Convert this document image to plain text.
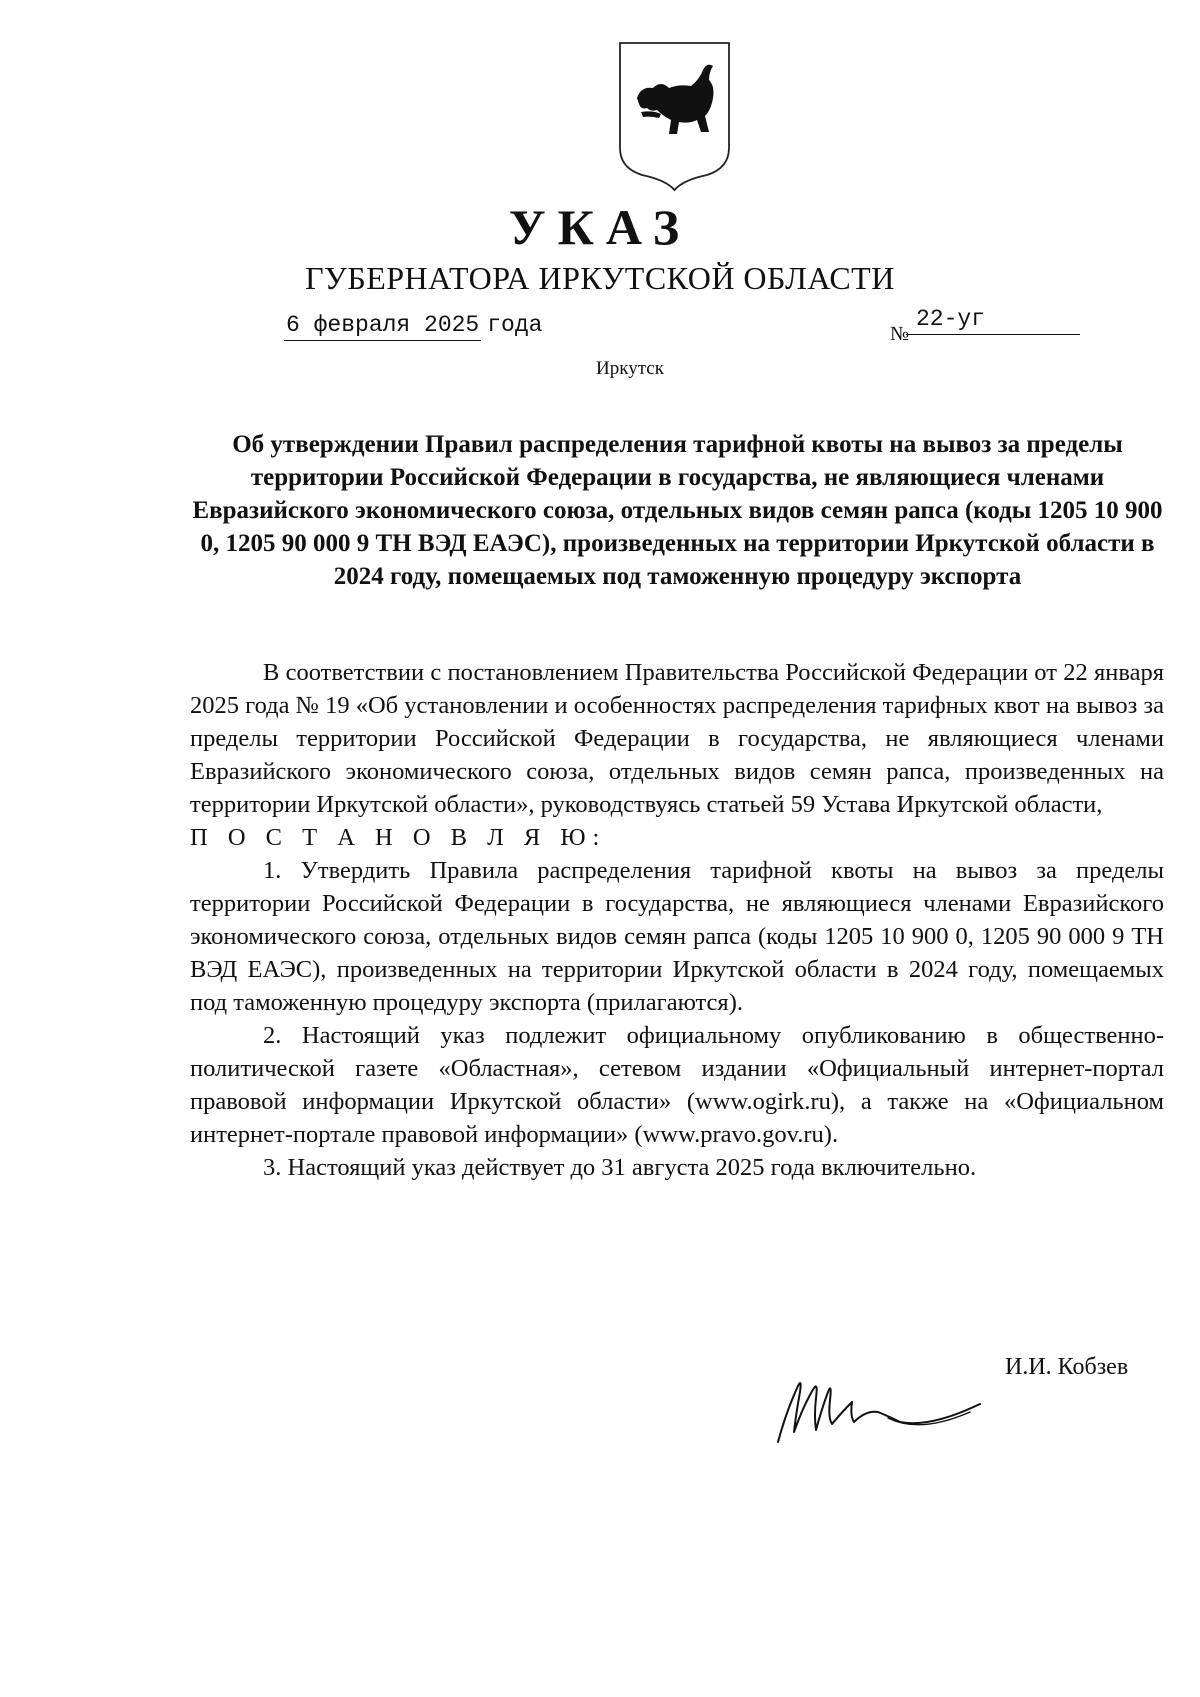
УКАЗ
ГУБЕРНАТОРА ИРКУТСКОЙ ОБЛАСТИ
6 февраля 2025 года	№
22-уг
Иркутск
Об утверждении Правил распределения тарифной квоты на вывоз за пределы территории Российской Федерации в государства, не являющиеся членами Евразийского экономического союза, отдельных видов семян рапса (коды 1205 10 900 0, 1205 90 000 9 ТН ВЭД ЕАЭС), произведенных на территории Иркутской области в 2024 году, помещаемых под таможенную процедуру экспорта

В соответствии с постановлением Правительства Российской Федерации от 22 января 2025 года № 19 «Об установлении и особенностях распределения тарифных квот на вывоз за пределы территории Российской Федерации в государства, не являющиеся членами Евразийского экономического союза, отдельных видов семян рапса, произведенных на территории Иркутской области», руководствуясь статьей 59 Устава Иркутской области,

П О С Т А Н О В Л Я Ю:

1. Утвердить Правила распределения тарифной квоты на вывоз за пределы территории Российской Федерации в государства, не являющиеся членами Евразийского экономического союза, отдельных видов семян рапса (коды 1205 10 900 0, 1205 90 000 9 ТН ВЭД ЕАЭС), произведенных на территории Иркутской области в 2024 году, помещаемых под таможенную процедуру экспорта (прилагаются).

2. Настоящий указ подлежит официальному опубликованию в общественно-политической газете «Областная», сетевом издании «Официальный интернет-портал правовой информации Иркутской области» (www.ogirk.ru), а также на «Официальном интернет-портале правовой информации» (www.pravo.gov.ru).

3. Настоящий указ действует до 31 августа 2025 года включительно.

И.И. Кобзев
